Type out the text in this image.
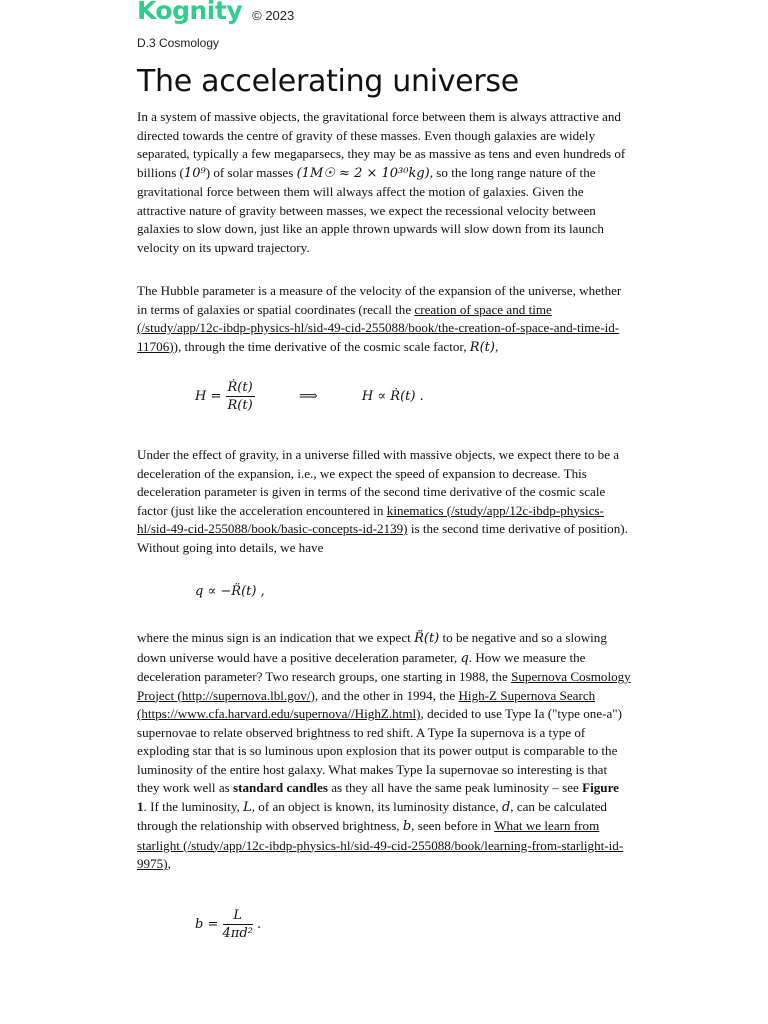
Kognity © 2023
D.3 Cosmology
The accelerating universe

In a system of massive objects, the gravitational force between them is always attractive and directed towards the centre of gravity of these masses. Even though galaxies are widely separated, typically a few megaparsecs, they may be as massive as tens and even hundreds of billions (10⁹) of solar masses (1M☉ ≈ 2 × 10³⁰kg), so the long range nature of the gravitational force between them will always affect the motion of galaxies. Given the attractive nature of gravity between masses, we expect the recessional velocity between galaxies to slow down, just like an apple thrown upwards will slow down from its launch velocity on its upward trajectory.

The Hubble parameter is a measure of the velocity of the expansion of the universe, whether in terms of galaxies or spatial coordinates (recall the creation of space and time (/study/app/12c-ibdp-physics-hl/sid-49-cid-255088/book/the-creation-of-space-and-time-id-11706)), through the time derivative of the cosmic scale factor, R(t),

$H = \frac{\text{Ṙ(t)}}{R(t)}$	⟹	H ∝ Ṙ(t) .

Under the effect of gravity, in a universe filled with massive objects, we expect there to be a deceleration of the expansion, i.e., we expect the speed of expansion to decrease. This deceleration parameter is given in terms of the second time derivative of the cosmic scale factor (just like the acceleration encountered in kinematics (/study/app/12c-ibdp-physics-hl/sid-49-cid-255088/book/basic-concepts-id-2139) is the second time derivative of position). Without going into details, we have

q ∝ −R̈(t) ,

where the minus sign is an indication that we expect R̈(t) to be negative and so a slowing down universe would have a positive deceleration parameter, q. How we measure the deceleration parameter? Two research groups, one starting in 1988, the Supernova Cosmology Project (http://supernova.lbl.gov/), and the other in 1994, the High-Z Supernova Search (https://www.cfa.harvard.edu/supernova//HighZ.html), decided to use Type Ia ("type one-a") supernovae to relate observed brightness to red shift. A Type Ia supernova is a type of exploding star that is so luminous upon explosion that its power output is comparable to the luminosity of the entire host galaxy. What makes Type Ia supernovae so interesting is that they work well as standard candles as they all have the same peak luminosity – see Figure 1. If the luminosity, L, of an object is known, its luminosity distance, d, can be calculated through the relationship with observed brightness, b, seen before in What we learn from starlight (/study/app/12c-ibdp-physics-hl/sid-49-cid-255088/book/learning-from-starlight-id-9975),

$b = \frac{L}{\text{4πd²}}$ .
